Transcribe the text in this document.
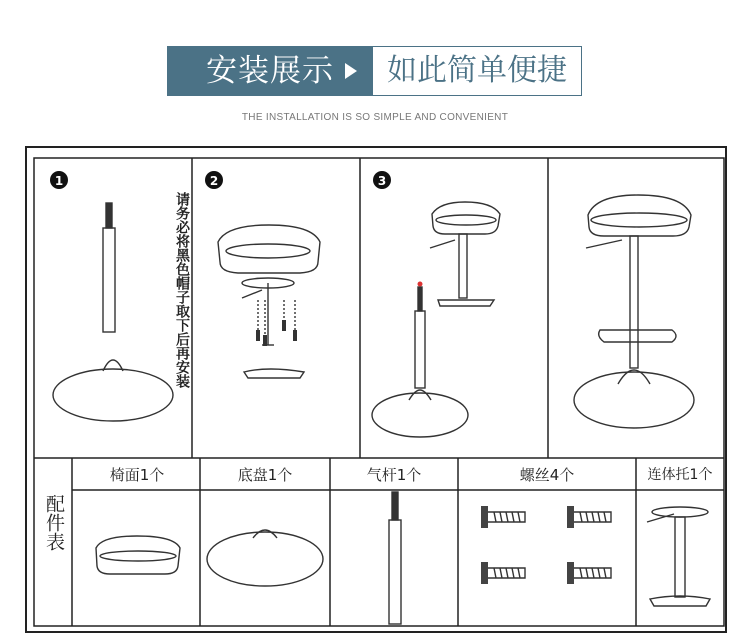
安装展示	如此简单便捷
THE INSTALLATION IS SO SIMPLE AND CONVENIENT
1	2	3
请务必将黑色帽子取下后再安装
配件表
椅面1个	底盘1个	气杆1个	螺丝4个	连体托1个
